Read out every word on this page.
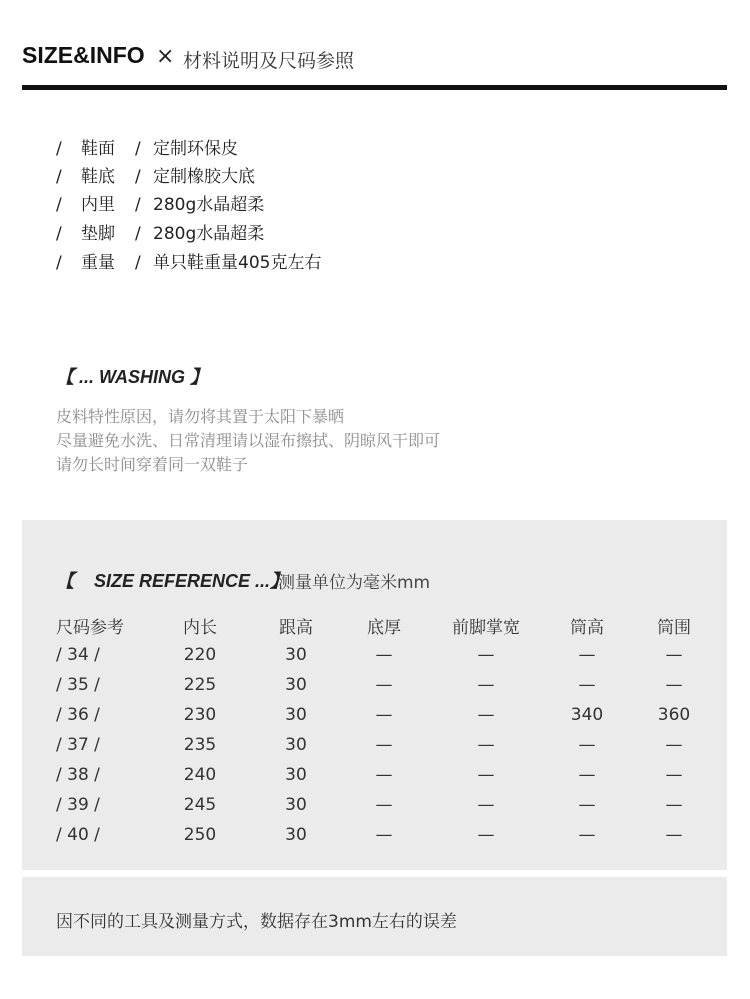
SIZE&INFO × 材料说明及尺码参照
/ 鞋面 / 定制环保皮
/ 鞋底 / 定制橡胶大底
/ 内里 / 280g水晶超柔
/ 垫脚 / 280g水晶超柔
/ 重量 / 单只鞋重量405克左右
【 ... WASHING 】
皮料特性原因，请勿将其置于太阳下暴晒
尽量避免水洗、日常清理请以湿布擦拭、阴晾风干即可
请勿长时间穿着同一双鞋子
【 SIZE REFERENCE ...】
测量单位为毫米mm
尺码参考	内长	跟高	底厚	前脚掌宽	筒高	筒围
/ 34 /	220	30	—	—	—	—
/ 35 /	225	30	—	—	—	—
/ 36 /	230	30	—	—	340	360
/ 37 /	235	30	—	—	—	—
/ 38 /	240	30	—	—	—	—
/ 39 /	245	30	—	—	—	—
/ 40 /	250	30	—	—	—	—
因不同的工具及测量方式，数据存在3mm左右的误差
